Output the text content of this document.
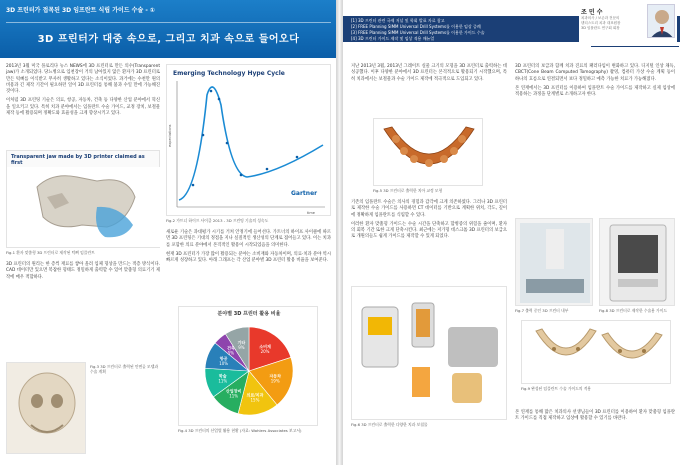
3D 프린터가 접목된 3D 임프란트 식립 가이드 수술 - ①
3D 프린터가 대중 속으로, 그리고 치과 속으로 들어오다

2013년 3월 미국 플로리다 뉴스 NEWS에 3D 프린터로 만든 의수(Transparent jaw)가 소개되었다. 당뇨병으로 입천장이 거의 남아있지 않은 환자가 3D 프린터로 만든 턱뼈를 이식받고 무사히 생활하고 있다는 소식이었다. 과거에는 수천만 원의 비용과 긴 제작 기간이 필요하던 일이 3D 프린터를 통해 불과 수일 만에 가능해진 것이다.

이처럼 3D 프린팅 기술은 의료, 항공, 자동차, 건축 등 다양한 산업 분야에서 혁신을 일으키고 있다. 특히 치과 분야에서는 임플란트 수술 가이드, 교정 장치, 보철물 제작 등에 활용되며 정확도와 효율성을 크게 향상시키고 있다.

Transparent jaw made by 3D printer claimed as first
Fig.1 환자 맞춤형 3D 프린터로 제작된 턱뼈 임플란트

3D 프린터의 원리는 한 층씩 재료를 쌓아 올려 입체 형상을 만드는 적층 방식이다. CAD 데이터만 있으면 복잡한 형태도 정밀하게 출력할 수 있어 맞춤형 의료기기 제작에 매우 적합하다.

Fig.3 3D 프린터로 출력된 안면골 모델과 수술 계획
Emerging Technology Hype Cycle
expectations
time
Gartner
Fig.2 가트너 하이프 사이클 2013 - 3D 프린팅 기술의 성숙도

새로운 기술은 과대평가 시기를 거쳐 안정기에 들어선다. 가트너의 하이프 사이클에 따르면 3D 프린팅은 기대의 정점을 지나 실질적인 생산성의 단계로 접어들고 있다. 이는 치과를 포함한 의료 분야에서 본격적인 활용이 시작되었음을 의미한다.

현재 3D 프린터가 가장 많이 활용되는 분야는 소비재와 자동차이며, 의료·치과 분야 역시 빠르게 성장하고 있다. 아래 그래프는 각 산업 분야별 3D 프린터 활용 비율을 보여준다.

분야별 3D 프린터 활용 비율
소비재
20%
자동차
19%
의료/치과
15%
산업장비
11%
학술
11%
항공
10%
건축
5%
기타
9%
Fig.4 3D 프린터의 산업별 활용 현황 (자료: Wohlers Associates 보고서)
[1] 3D 프린터 관련 국제 저널 및 학회 발표 자료 참고
[2] FREE Planning SIMM Universal Drill Systems를 이용한 임상 증례
[3] FREE Planning SIMM Universal Drill Systems를 이용한 가이드 수술
[4] 3D 프린터 가이드 제작 및 임상 적용 매뉴얼
조 민 수
치과의사 / 보존과 전문의
덴티스트리 치과 대표원장
3D 임플란트 연구회 회장

지난 2013년 3월, 2013년 그레이트 실물 크기의 모형을 3D 프린터로 출력하는 데 성공했다. 이후 다양한 분야에서 3D 프린터는 본격적으로 활용되기 시작했으며, 특히 치과에서는 보철물과 수술 가이드 제작에 적극적으로 도입되고 있다.

Fig.5 3D 프린터로 출력한 치아 교정 모형

기존의 임플란트 수술은 의사의 경험과 감각에 크게 의존하였다. 그러나 3D 프린터로 제작한 수술 가이드를 사용하면 CT 데이터를 기반으로 계획한 위치, 각도, 깊이에 정확하게 임플란트를 식립할 수 있다.

이러한 환자 맞춤형 가이드는 수술 시간을 단축하고 합병증의 위험을 줄이며, 환자의 회복 기간 또한 크게 단축시킨다. 최근에는 저가형 데스크톱 3D 프린터의 보급으로 개원의들도 쉽게 가이드를 제작할 수 있게 되었다.

Fig.6 3D 프린터로 출력한 다양한 치과 보철물

3D 프린터의 보급과 함께 치과 진료의 패러다임이 변화하고 있다. 디지털 인상 채득, CBCT(Cone Beam Computed Tomography) 촬영, 컴퓨터 가상 수술 계획 등이 하나의 흐름으로 연결되면서 보다 정밀하고 예측 가능한 치료가 가능해졌다.

본 연재에서는 3D 프린터를 이용하여 임플란트 수술 가이드를 제작하고 실제 임상에 적용하는 과정을 단계별로 소개하고자 한다.

Fig.7 출력 중인 3D 프린터 내부	Fig.8 3D 프린터로 제작한 수술용 가이드
Fig.9 완성된 임플란트 수술 가이드의 적용

본 연재를 통해 많은 치과의사 선생님들이 3D 프린터를 이용하여 환자 맞춤형 임플란트 가이드를 직접 제작하고 임상에 활용할 수 있기를 바란다.
